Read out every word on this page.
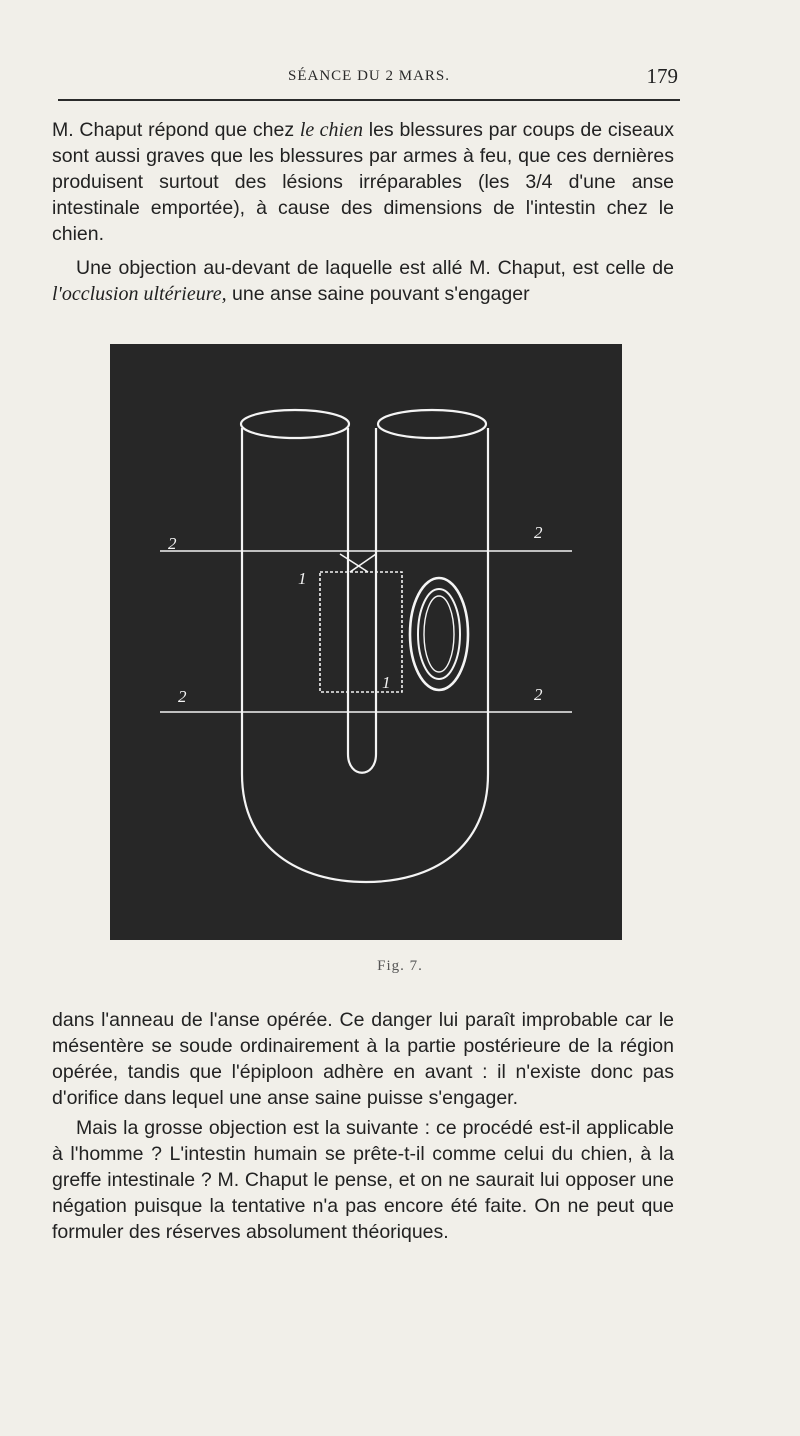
SÉANCE DU 2 MARS.	179

M. Chaput répond que chez le chien les blessures par coups de ciseaux sont aussi graves que les blessures par armes à feu, que ces dernières produisent surtout des lésions irréparables (les 3/4 d'une anse intestinale emportée), à cause des dimensions de l'intestin chez le chien.

Une objection au-devant de laquelle est allé M. Chaput, est celle de l'occlusion ultérieure, une anse saine pouvant s'engager

2
2
2	2
1
1
Fig. 7.

dans l'anneau de l'anse opérée. Ce danger lui paraît improbable car le mésentère se soude ordinairement à la partie postérieure de la région opérée, tandis que l'épiploon adhère en avant : il n'existe donc pas d'orifice dans lequel une anse saine puisse s'engager.

Mais la grosse objection est la suivante : ce procédé est-il applicable à l'homme ? L'intestin humain se prête-t-il comme celui du chien, à la greffe intestinale ? M. Chaput le pense, et on ne saurait lui opposer une négation puisque la tentative n'a pas encore été faite. On ne peut que formuler des réserves absolument théoriques.
